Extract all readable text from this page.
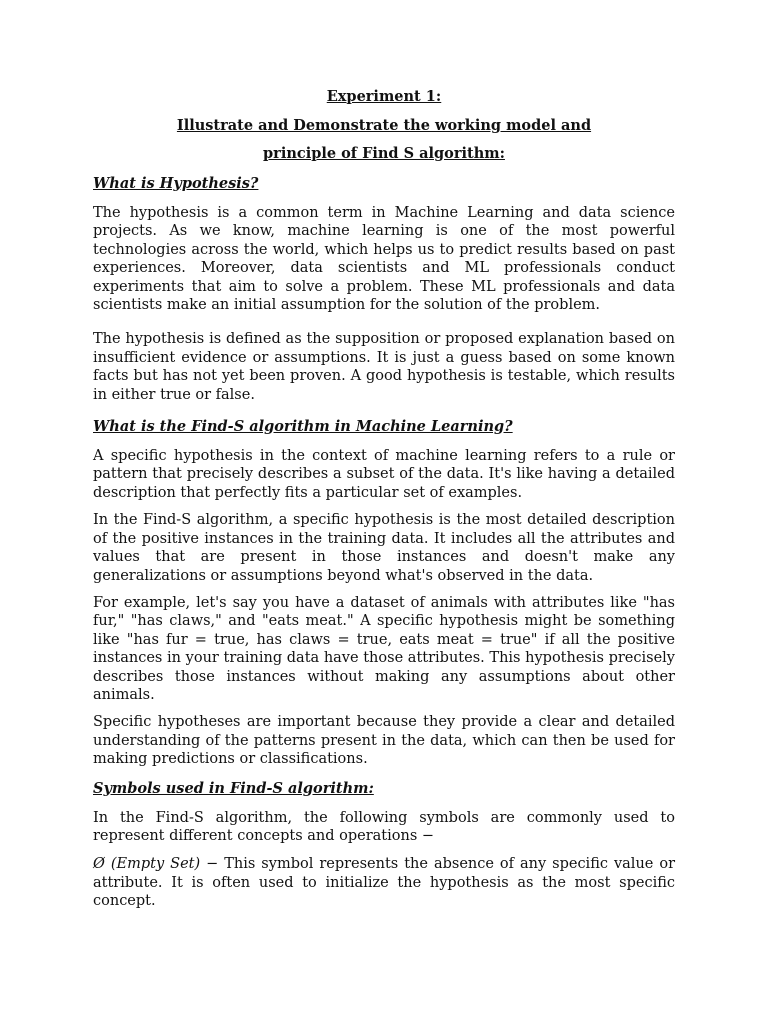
Experiment 1:

Illustrate and Demonstrate the working model and

principle of Find S algorithm:

What is Hypothesis?

The hypothesis is a common term in Machine Learning and data science projects. As we know, machine learning is one of the most powerful technologies across the world, which helps us to predict results based on past experiences. Moreover, data scientists and ML professionals conduct experiments that aim to solve a problem. These ML professionals and data scientists make an initial assumption for the solution of the problem.

The hypothesis is defined as the supposition or proposed explanation based on insufficient evidence or assumptions. It is just a guess based on some known facts but has not yet been proven. A good hypothesis is testable, which results in either true or false.

What is the Find-S algorithm in Machine Learning?

A specific hypothesis in the context of machine learning refers to a rule or pattern that precisely describes a subset of the data. It's like having a detailed description that perfectly fits a particular set of examples.

In the Find-S algorithm, a specific hypothesis is the most detailed description of the positive instances in the training data. It includes all the attributes and values that are present in those instances and doesn't make any generalizations or assumptions beyond what's observed in the data.

For example, let's say you have a dataset of animals with attributes like "has fur," "has claws," and "eats meat." A specific hypothesis might be something like "has fur = true, has claws = true, eats meat = true" if all the positive instances in your training data have those attributes. This hypothesis precisely describes those instances without making any assumptions about other animals.

Specific hypotheses are important because they provide a clear and detailed understanding of the patterns present in the data, which can then be used for making predictions or classifications.

Symbols used in Find-S algorithm:

In the Find-S algorithm, the following symbols are commonly used to represent different concepts and operations −

Ø (Empty Set) − This symbol represents the absence of any specific value or attribute. It is often used to initialize the hypothesis as the most specific concept.
